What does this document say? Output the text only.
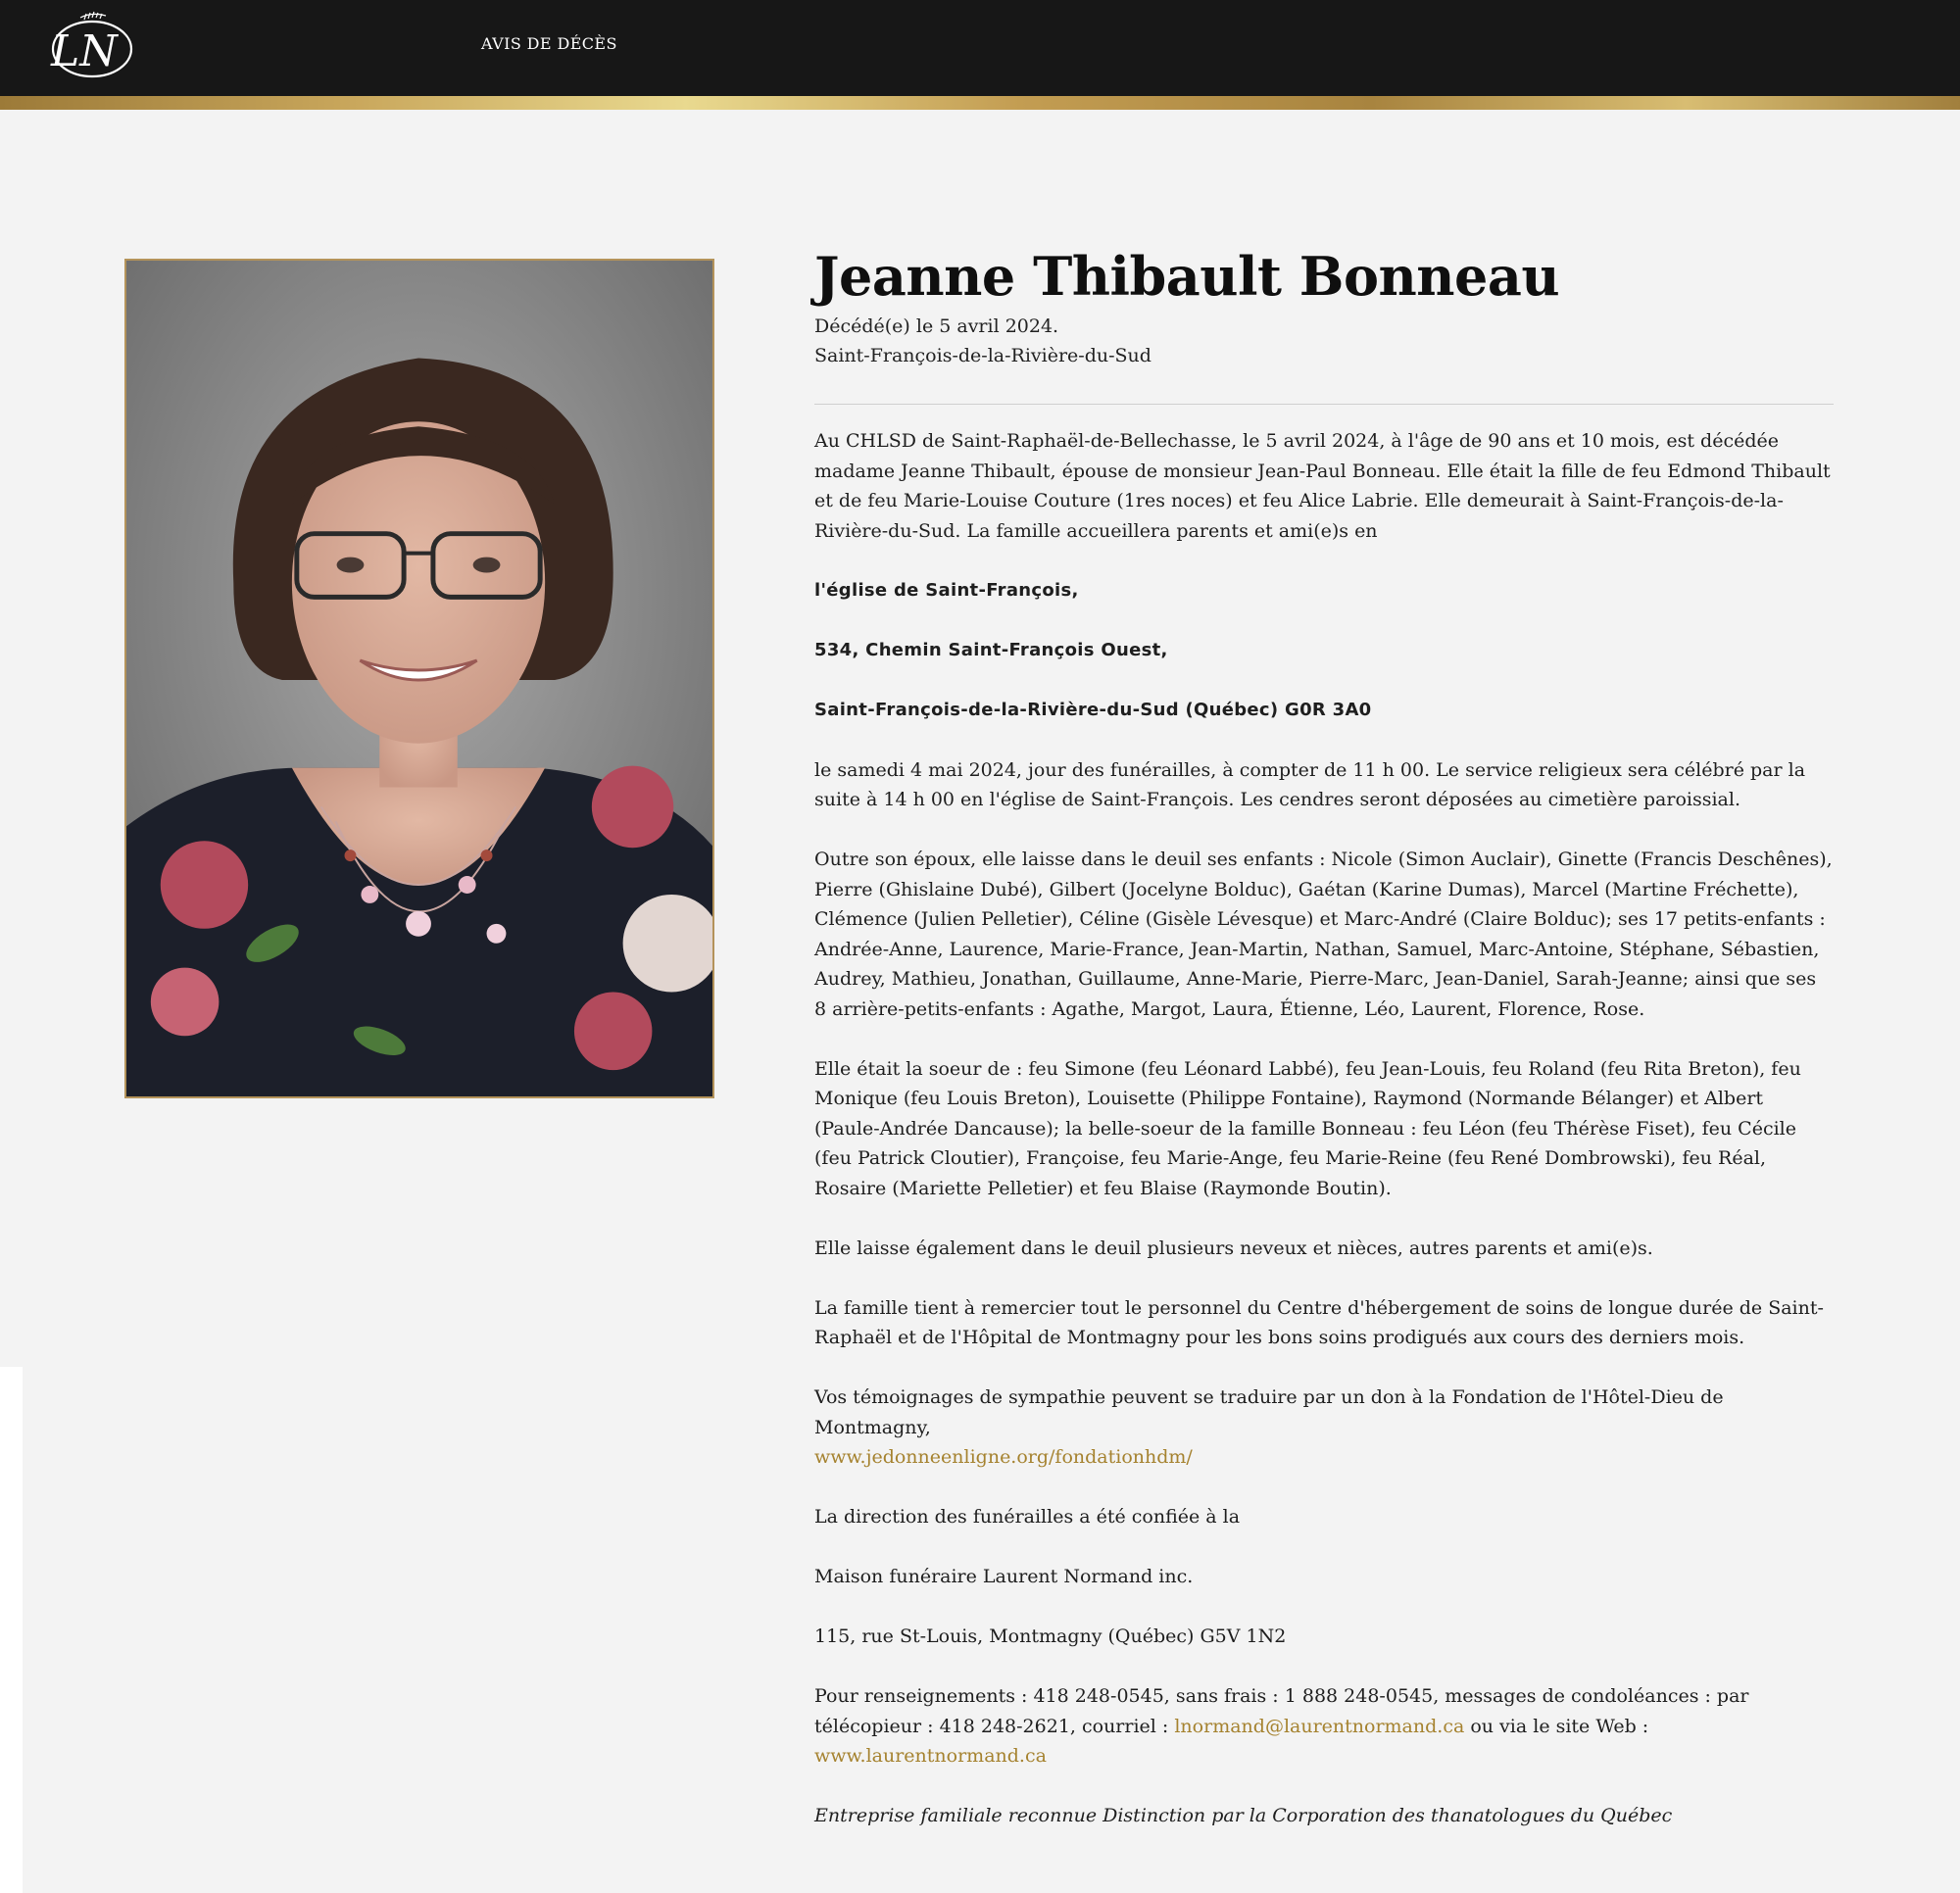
LN	AVIS DE DÉCÈS
Jeanne Thibault Bonneau
Décédé(e) le 5 avril 2024.
Saint-François-de-la-Rivière-du-Sud

Au CHLSD de Saint-Raphaël-de-Bellechasse, le 5 avril 2024, à l'âge de 90 ans et 10 mois, est décédée madame Jeanne Thibault, épouse de monsieur Jean-Paul Bonneau. Elle était la fille de feu Edmond Thibault et de feu Marie-Louise Couture (1res noces) et feu Alice Labrie. Elle demeurait à Saint-François-de-la-Rivière-du-Sud. La famille accueillera parents et ami(e)s en

l'église de Saint-François,

534, Chemin Saint-François Ouest,

Saint-François-de-la-Rivière-du-Sud (Québec) G0R 3A0

le samedi 4 mai 2024, jour des funérailles, à compter de 11 h 00. Le service religieux sera célébré par la suite à 14 h 00 en l'église de Saint-François. Les cendres seront déposées au cimetière paroissial.

Outre son époux, elle laisse dans le deuil ses enfants : Nicole (Simon Auclair), Ginette (Francis Deschênes), Pierre (Ghislaine Dubé), Gilbert (Jocelyne Bolduc), Gaétan (Karine Dumas), Marcel (Martine Fréchette), Clémence (Julien Pelletier), Céline (Gisèle Lévesque) et Marc-André (Claire Bolduc); ses 17 petits-enfants : Andrée-Anne, Laurence, Marie-France, Jean-Martin, Nathan, Samuel, Marc-Antoine, Stéphane, Sébastien, Audrey, Mathieu, Jonathan, Guillaume, Anne-Marie, Pierre-Marc, Jean-Daniel, Sarah-Jeanne; ainsi que ses 8 arrière-petits-enfants : Agathe, Margot, Laura, Étienne, Léo, Laurent, Florence, Rose.

Elle était la soeur de : feu Simone (feu Léonard Labbé), feu Jean-Louis, feu Roland (feu Rita Breton), feu Monique (feu Louis Breton), Louisette (Philippe Fontaine), Raymond (Normande Bélanger) et Albert (Paule-Andrée Dancause); la belle-soeur de la famille Bonneau : feu Léon (feu Thérèse Fiset), feu Cécile (feu Patrick Cloutier), Françoise, feu Marie-Ange, feu Marie-Reine (feu René Dombrowski), feu Réal, Rosaire (Mariette Pelletier) et feu Blaise (Raymonde Boutin).

Elle laisse également dans le deuil plusieurs neveux et nièces, autres parents et ami(e)s.

La famille tient à remercier tout le personnel du Centre d'hébergement de soins de longue durée de Saint-Raphaël et de l'Hôpital de Montmagny pour les bons soins prodigués aux cours des derniers mois.

Vos témoignages de sympathie peuvent se traduire par un don à la Fondation de l'Hôtel-Dieu de Montmagny,
www.jedonneenligne.org/fondationhdm/

La direction des funérailles a été confiée à la

Maison funéraire Laurent Normand inc.

115, rue St-Louis, Montmagny (Québec) G5V 1N2

Pour renseignements : 418 248-0545, sans frais : 1 888 248-0545, messages de condoléances : par télécopieur : 418 248-2621, courriel : lnormand@laurentnormand.ca ou via le site Web : www.laurentnormand.ca

Entreprise familiale reconnue Distinction par la Corporation des thanatologues du Québec
